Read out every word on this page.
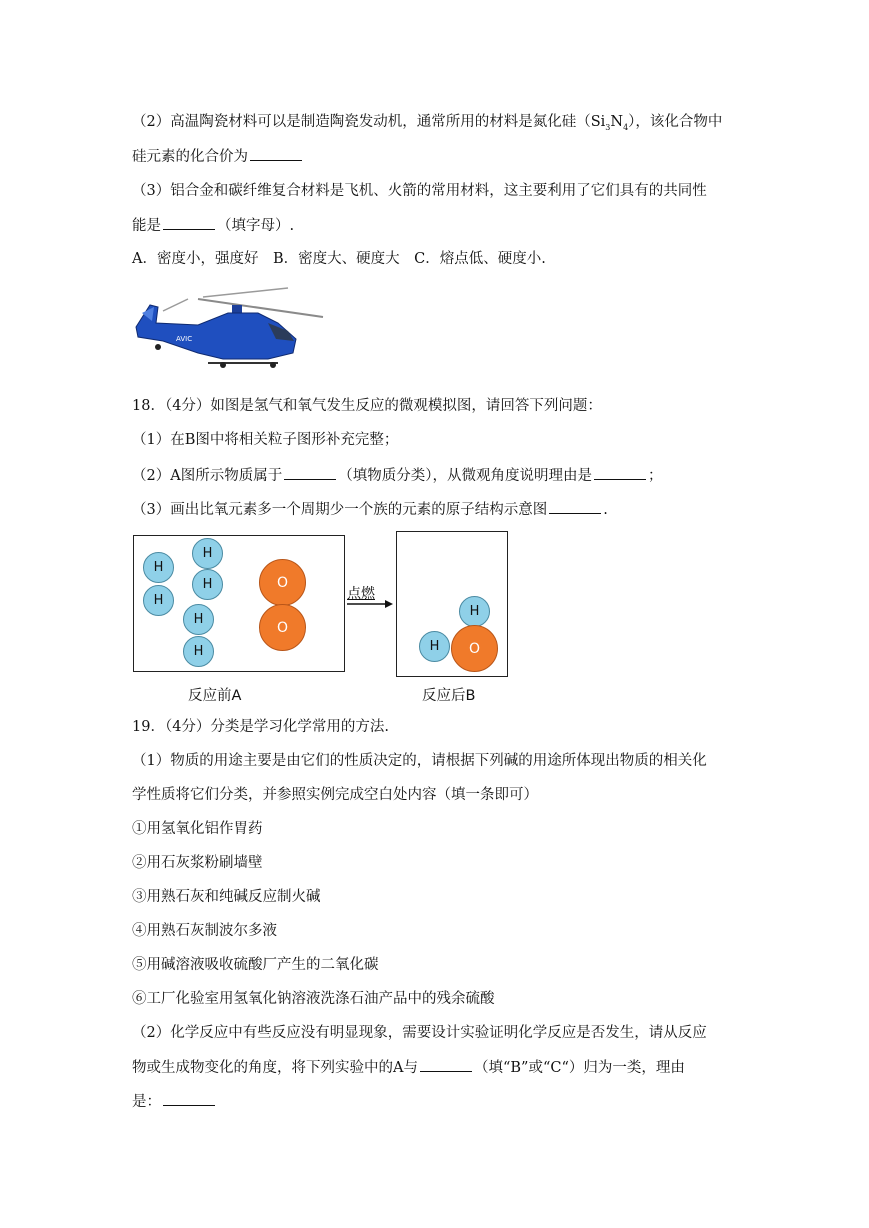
（2）高温陶瓷材料可以是制造陶瓷发动机，通常所用的材料是氮化硅$(Si_3N_4)$，该化合物中
硅元素的化合价为
（3）铝合金和碳纤维复合材料是飞机、火箭的常用材料，这主要利用了它们具有的共同性
能是	（填字母）.
A．密度小，强度好　B．密度大、硬度大　C．熔点低、硬度小.
AVIC
18．（4分）如图是氢气和氧气发生反应的微观模拟图，请回答下列问题：
（1）在B图中将相关粒子图形补充完整；
（2）A图所示物质属于	（填物质分类），从微观角度说明理由是	；
（3）画出比氧元素多一个周期少一个族的元素的原子结构示意图	.
H
H
H
H
H
H
O
O
点燃
H
H	O
反应前A	反应后B
19．（4分）分类是学习化学常用的方法.
（1）物质的用途主要是由它们的性质决定的，请根据下列碱的用途所体现出物质的相关化
学性质将它们分类，并参照实例完成空白处内容（填一条即可）
①用氢氧化铝作胃药
②用石灰浆粉刷墙壁
③用熟石灰和纯碱反应制火碱
④用熟石灰制波尔多液
⑤用碱溶液吸收硫酸厂产生的二氧化碳
⑥工厂化验室用氢氧化钠溶液洗涤石油产品中的残余硫酸
（2）化学反应中有些反应没有明显现象，需要设计实验证明化学反应是否发生，请从反应
物或生成物变化的角度，将下列实验中的A与	（填“B”或“C“）归为一类，理由
是：
